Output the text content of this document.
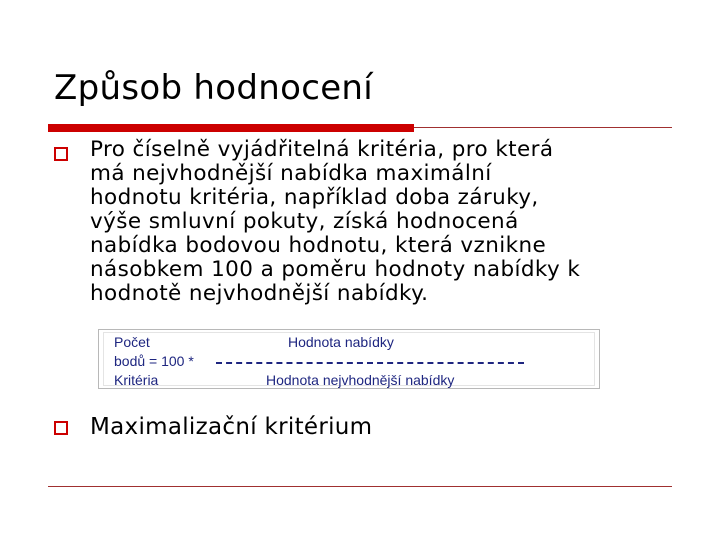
Způsob hodnocení
Pro číselně vyjádřitelná kritéria, pro která
má nejvhodnější nabídka maximální
hodnotu kritéria, například doba záruky,
výše smluvní pokuty, získá hodnocená
nabídka bodovou hodnotu, která vznikne
násobkem 100 a poměru hodnoty nabídky k
hodnotě nejvhodnější nabídky.
Počet	Hodnota nabídky
bodů = 100 *
Kritéria	Hodnota nejvhodnější nabídky
Maximalizační kritérium
